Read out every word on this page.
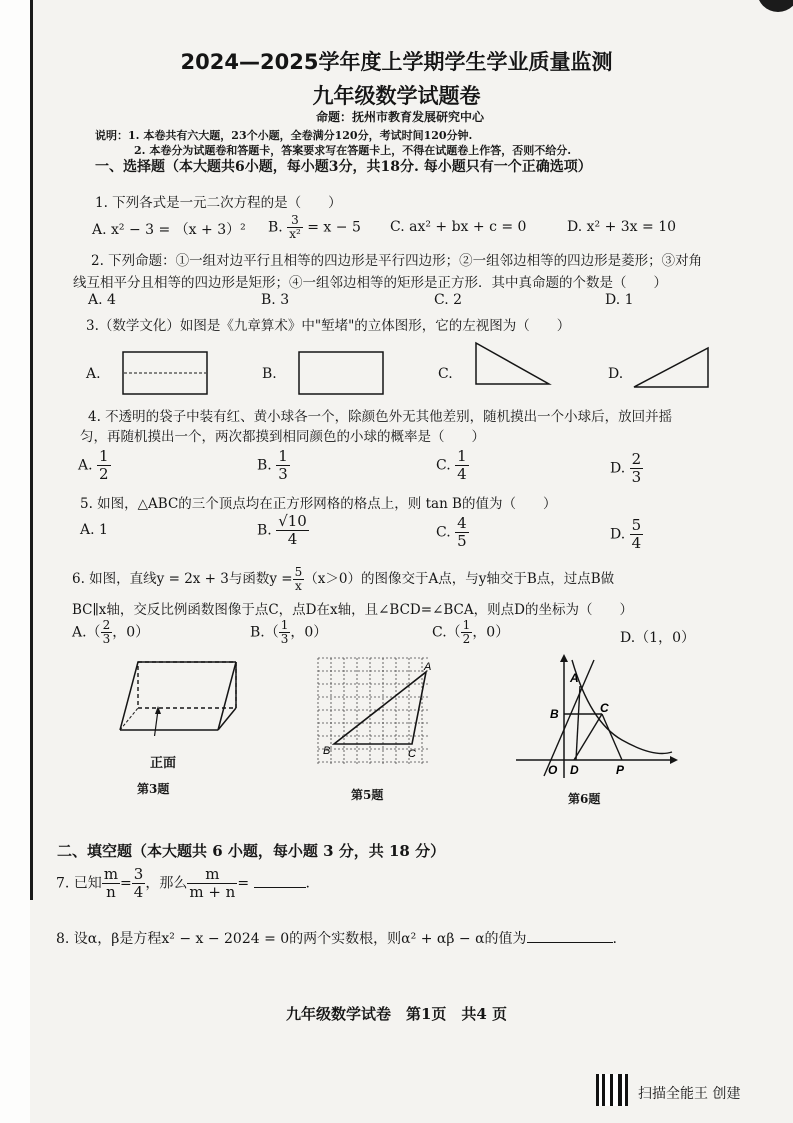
2024—2025学年度上学期学生学业质量监测
九年级数学试题卷
命题：抚州市教育发展研究中心
说明：1. 本卷共有六大题，23个小题，全卷满分120分，考试时间120分钟.
2. 本卷分为试题卷和答题卡，答案要求写在答题卡上，不得在试题卷上作答，否则不给分.
一、选择题（本大题共6小题，每小题3分，共18分. 每小题只有一个正确选项）
1. 下列各式是一元二次方程的是（　　）
A. x² − 3 = （x + 3）² B. $\frac{3}{\text{x²}} = x - 5$ C. ax² + bx + c = 0	D. x² + 3x = 10
2. 下列命题：①一组对边平行且相等的四边形是平行四边形；②一组邻边相等的四边形是菱形；③对角
线互相平分且相等的四边形是矩形；④一组邻边相等的矩形是正方形．其中真命题的个数是（　　）
A. 4	B. 3	C. 2	D. 1
3.（数学文化）如图是《九章算术》中"堑堵"的立体图形，它的左视图为（　　）
A.	B.	C.	D.
4. 不透明的袋子中装有红、黄小球各一个，除颜色外无其他差别，随机摸出一个小球后，放回并摇
匀，再随机摸出一个，两次都摸到相同颜色的小球的概率是（　　）
A. $\frac{1}{2}$	B. $\frac{1}{3}$	C. $\frac{1}{4}$	D. $\frac{2}{3}$
5. 如图，△ABC的三个顶点均在正方形网格的格点上，则 tan B的值为（　　）
A. 1	B. $\frac{√10}{4}$	C. $\frac{4}{5}$	D. $\frac{5}{4}$
6. 如图，直线y = 2x + 3与函数$y = \frac{5}{x} (x>0)$的图像交于A点，与y轴交于B点，过点B做
BC∥x轴，交反比例函数图像于点C，点D在x轴，且∠BCD=∠BCA，则点D的坐标为（　　）
$A.( \frac{2}{3}$ ，0）	$B.( \frac{1}{3}$ ，0）	$C.( \frac{1}{2}$ ，0）	D.（1，0）
正面
第3题
A
B	C
第5题
A
B	C
O D	P
第6题
二、填空题（本大题共 6 小题，每小题 3 分，共 18 分）
7. 已知 $\frac{m}{n} = \frac{3}{4}$ ，那么 $\frac{m}{m + n}$ =	.
8. 设α，β是方程x² − x − 2024 = 0的两个实数根，则α² + αβ − α的值为	.
九年级数学试卷　第1页　共4 页
扫描全能王 创建
